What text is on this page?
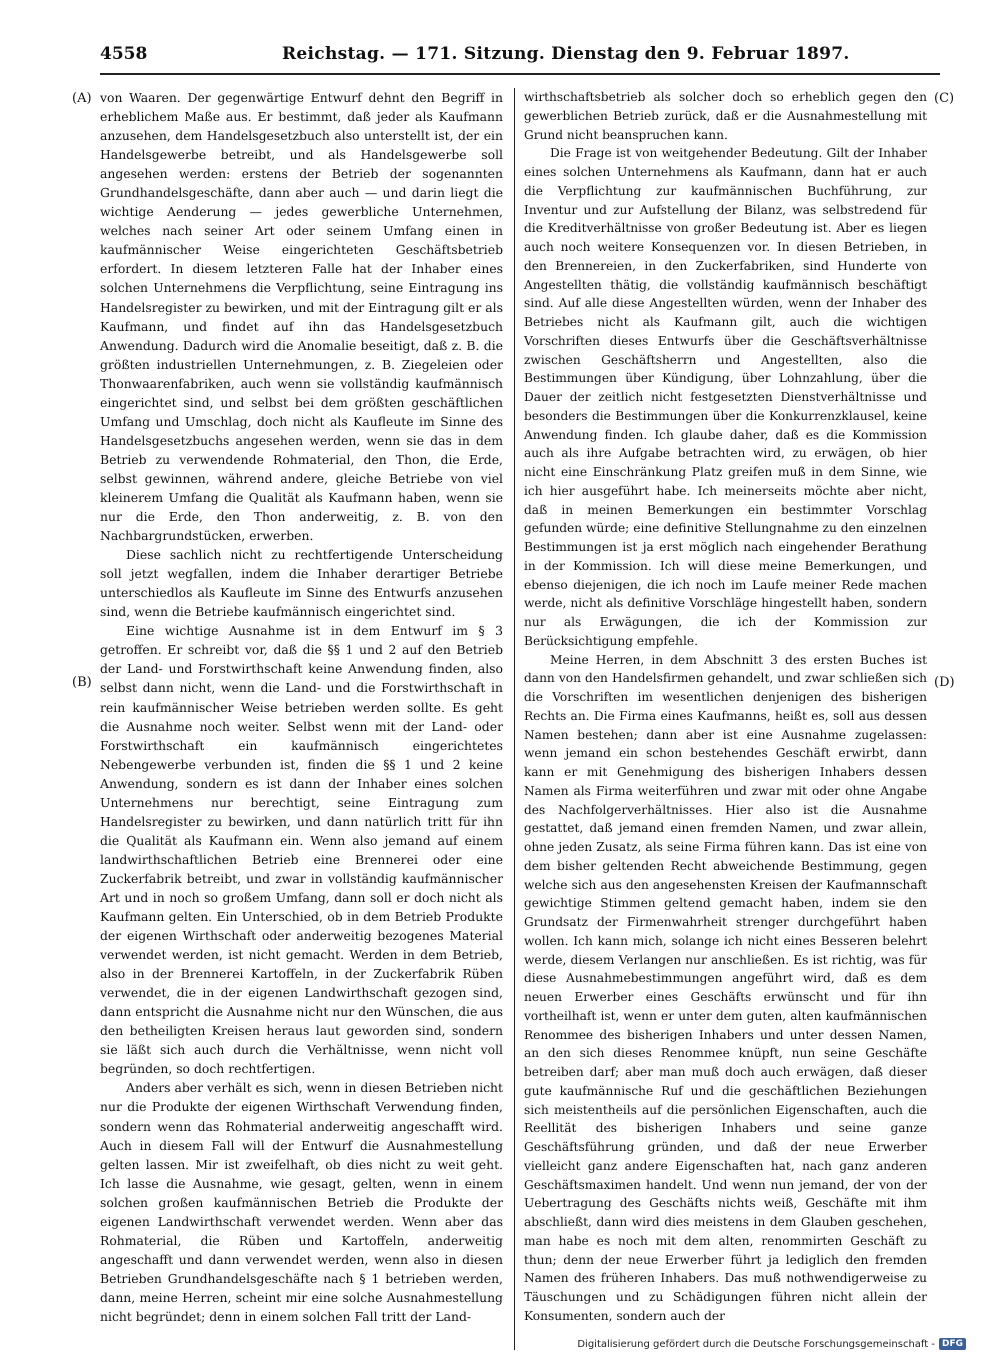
4558	Reichstag. — 171. Sitzung. Dienstag den 9. Februar 1897.
(A)
(B)
(C)
(D)

von Waaren. Der gegenwärtige Entwurf dehnt den Begriff in erheblichem Maße aus. Er bestimmt, daß jeder als Kaufmann anzusehen, dem Handelsgesetzbuch also unterstellt ist, der ein Handelsgewerbe betreibt, und als Handelsgewerbe soll angesehen werden: erstens der Betrieb der sogenannten Grundhandelsgeschäfte, dann aber auch — und darin liegt die wichtige Aenderung — jedes gewerbliche Unternehmen, welches nach seiner Art oder seinem Umfang einen in kaufmännischer Weise eingerichteten Geschäftsbetrieb erfordert. In diesem letzteren Falle hat der Inhaber eines solchen Unternehmens die Verpflichtung, seine Eintragung ins Handelsregister zu bewirken, und mit der Eintragung gilt er als Kaufmann, und findet auf ihn das Handelsgesetzbuch Anwendung. Dadurch wird die Anomalie beseitigt, daß z. B. die größten industriellen Unternehmungen, z. B. Ziegeleien oder Thonwaarenfabriken, auch wenn sie vollständig kaufmännisch eingerichtet sind, und selbst bei dem größten geschäftlichen Umfang und Umschlag, doch nicht als Kaufleute im Sinne des Handelsgesetzbuchs angesehen werden, wenn sie das in dem Betrieb zu verwendende Rohmaterial, den Thon, die Erde, selbst gewinnen, während andere, gleiche Betriebe von viel kleinerem Umfang die Qualität als Kaufmann haben, wenn sie nur die Erde, den Thon anderweitig, z. B. von den Nachbargrundstücken, erwerben.

Diese sachlich nicht zu rechtfertigende Unterscheidung soll jetzt wegfallen, indem die Inhaber derartiger Betriebe unterschiedlos als Kaufleute im Sinne des Entwurfs anzusehen sind, wenn die Betriebe kaufmännisch eingerichtet sind.

Eine wichtige Ausnahme ist in dem Entwurf im § 3 getroffen. Er schreibt vor, daß die §§ 1 und 2 auf den Betrieb der Land- und Forstwirthschaft keine Anwendung finden, also selbst dann nicht, wenn die Land- und die Forstwirthschaft in rein kaufmännischer Weise betrieben werden sollte. Es geht die Ausnahme noch weiter. Selbst wenn mit der Land- oder Forstwirthschaft ein kaufmännisch eingerichtetes Nebengewerbe verbunden ist, finden die §§ 1 und 2 keine Anwendung, sondern es ist dann der Inhaber eines solchen Unternehmens nur berechtigt, seine Eintragung zum Handelsregister zu bewirken, und dann natürlich tritt für ihn die Qualität als Kaufmann ein. Wenn also jemand auf einem landwirthschaftlichen Betrieb eine Brennerei oder eine Zuckerfabrik betreibt, und zwar in vollständig kaufmännischer Art und in noch so großem Umfang, dann soll er doch nicht als Kaufmann gelten. Ein Unterschied, ob in dem Betrieb Produkte der eigenen Wirthschaft oder anderweitig bezogenes Material verwendet werden, ist nicht gemacht. Werden in dem Betrieb, also in der Brennerei Kartoffeln, in der Zuckerfabrik Rüben verwendet, die in der eigenen Landwirthschaft gezogen sind, dann entspricht die Ausnahme nicht nur den Wünschen, die aus den betheiligten Kreisen heraus laut geworden sind, sondern sie läßt sich auch durch die Verhältnisse, wenn nicht voll begründen, so doch rechtfertigen.

Anders aber verhält es sich, wenn in diesen Betrieben nicht nur die Produkte der eigenen Wirthschaft Verwendung finden, sondern wenn das Rohmaterial anderweitig angeschafft wird. Auch in diesem Fall will der Entwurf die Ausnahmestellung gelten lassen. Mir ist zweifelhaft, ob dies nicht zu weit geht. Ich lasse die Ausnahme, wie gesagt, gelten, wenn in einem solchen großen kaufmännischen Betrieb die Produkte der eigenen Landwirthschaft verwendet werden. Wenn aber das Rohmaterial, die Rüben und Kartoffeln, anderweitig angeschafft und dann verwendet werden, wenn also in diesen Betrieben Grundhandelsgeschäfte nach § 1 betrieben werden, dann, meine Herren, scheint mir eine solche Ausnahmestellung nicht begründet; denn in einem solchen Fall tritt der Land-

wirthschaftsbetrieb als solcher doch so erheblich gegen den gewerblichen Betrieb zurück, daß er die Ausnahmestellung mit Grund nicht beanspruchen kann.

Die Frage ist von weitgehender Bedeutung. Gilt der Inhaber eines solchen Unternehmens als Kaufmann, dann hat er auch die Verpflichtung zur kaufmännischen Buchführung, zur Inventur und zur Aufstellung der Bilanz, was selbstredend für die Kreditverhältnisse von großer Bedeutung ist. Aber es liegen auch noch weitere Konsequenzen vor. In diesen Betrieben, in den Brennereien, in den Zuckerfabriken, sind Hunderte von Angestellten thätig, die vollständig kaufmännisch beschäftigt sind. Auf alle diese Angestellten würden, wenn der Inhaber des Betriebes nicht als Kaufmann gilt, auch die wichtigen Vorschriften dieses Entwurfs über die Geschäftsverhältnisse zwischen Geschäftsherrn und Angestellten, also die Bestimmungen über Kündigung, über Lohnzahlung, über die Dauer der zeitlich nicht festgesetzten Dienstverhältnisse und besonders die Bestimmungen über die Konkurrenzklausel, keine Anwendung finden. Ich glaube daher, daß es die Kommission auch als ihre Aufgabe betrachten wird, zu erwägen, ob hier nicht eine Einschränkung Platz greifen muß in dem Sinne, wie ich hier ausgeführt habe. Ich meinerseits möchte aber nicht, daß in meinen Bemerkungen ein bestimmter Vorschlag gefunden würde; eine definitive Stellungnahme zu den einzelnen Bestimmungen ist ja erst möglich nach eingehender Berathung in der Kommission. Ich will diese meine Bemerkungen, und ebenso diejenigen, die ich noch im Laufe meiner Rede machen werde, nicht als definitive Vorschläge hingestellt haben, sondern nur als Erwägungen, die ich der Kommission zur Berücksichtigung empfehle.

Meine Herren, in dem Abschnitt 3 des ersten Buches ist dann von den Handelsfirmen gehandelt, und zwar schließen sich die Vorschriften im wesentlichen denjenigen des bisherigen Rechts an. Die Firma eines Kaufmanns, heißt es, soll aus dessen Namen bestehen; dann aber ist eine Ausnahme zugelassen: wenn jemand ein schon bestehendes Geschäft erwirbt, dann kann er mit Genehmigung des bisherigen Inhabers dessen Namen als Firma weiterführen und zwar mit oder ohne Angabe des Nachfolgerverhältnisses. Hier also ist die Ausnahme gestattet, daß jemand einen fremden Namen, und zwar allein, ohne jeden Zusatz, als seine Firma führen kann. Das ist eine von dem bisher geltenden Recht abweichende Bestimmung, gegen welche sich aus den angesehensten Kreisen der Kaufmannschaft gewichtige Stimmen geltend gemacht haben, indem sie den Grundsatz der Firmenwahrheit strenger durchgeführt haben wollen. Ich kann mich, solange ich nicht eines Besseren belehrt werde, diesem Verlangen nur anschließen. Es ist richtig, was für diese Ausnahmebestimmungen angeführt wird, daß es dem neuen Erwerber eines Geschäfts erwünscht und für ihn vortheilhaft ist, wenn er unter dem guten, alten kaufmännischen Renommee des bisherigen Inhabers und unter dessen Namen, an den sich dieses Renommee knüpft, nun seine Geschäfte betreiben darf; aber man muß doch auch erwägen, daß dieser gute kaufmännische Ruf und die geschäftlichen Beziehungen sich meistentheils auf die persönlichen Eigenschaften, auch die Reellität des bisherigen Inhabers und seine ganze Geschäftsführung gründen, und daß der neue Erwerber vielleicht ganz andere Eigenschaften hat, nach ganz anderen Geschäftsmaximen handelt. Und wenn nun jemand, der von der Uebertragung des Geschäfts nichts weiß, Geschäfte mit ihm abschließt, dann wird dies meistens in dem Glauben geschehen, man habe es noch mit dem alten, renommirten Geschäft zu thun; denn der neue Erwerber führt ja lediglich den fremden Namen des früheren Inhabers. Das muß nothwendigerweise zu Täuschungen und zu Schädigungen führen nicht allein der Konsumenten, sondern auch der

Digitalisierung gefördert durch die Deutsche Forschungsgemeinschaft - DFG
